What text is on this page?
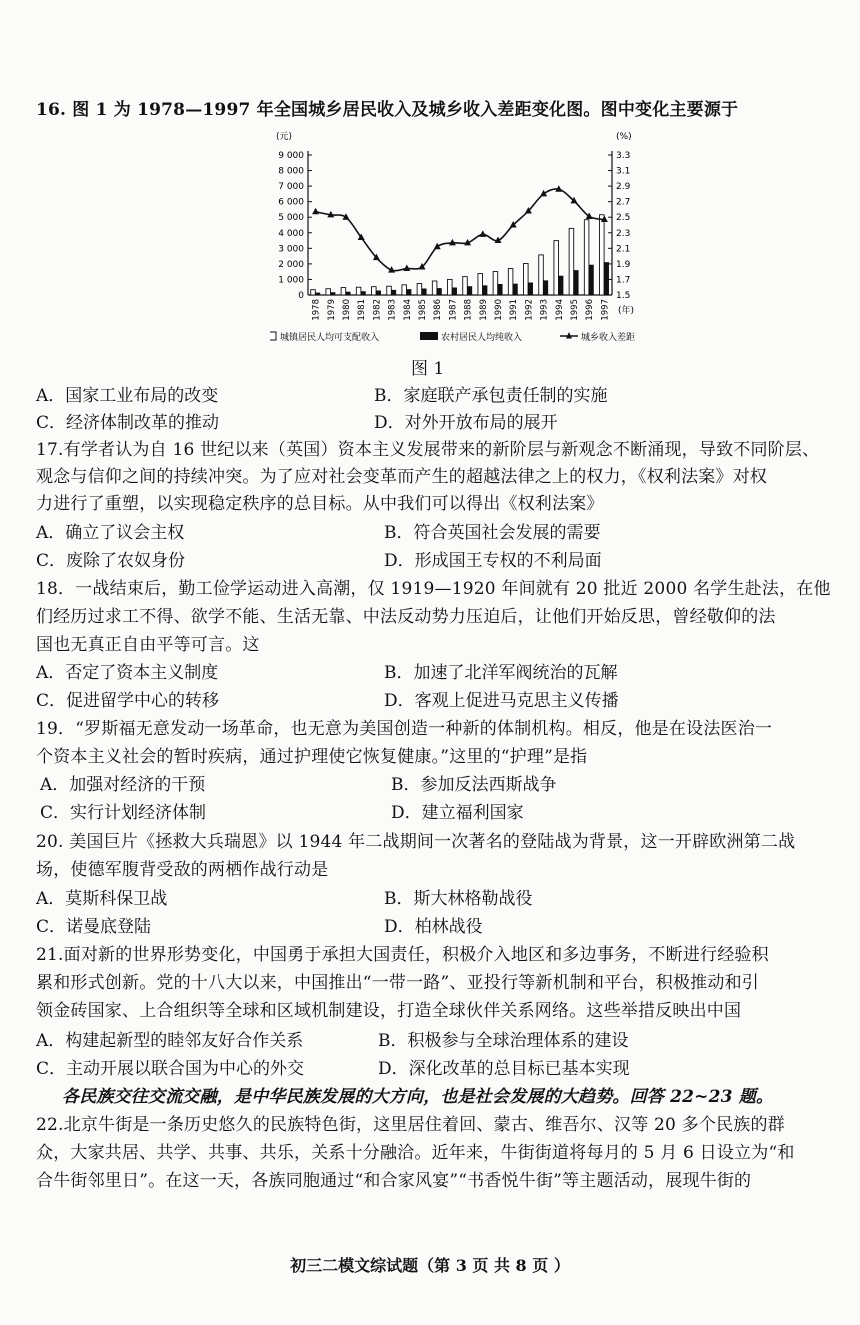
16. 图 1 为 1978—1997 年全国城乡居民收入及城乡收入差距变化图。图中变化主要源于
(元)	(%)
9 000
8 000
7 000
6 000
5 000
4 000
3 000
2 000
1 000
0
3.3
3.1
2.9
2.7
2.5
2.3
2.1
1.9
1.7
1.5
1978 1979 1980 1981 1982 1983 1984 1985 1986 1987 1988 1989 1990 1991 1992 1993 1994 1995 1996 1997 (年)
城镇居民人均可支配收入	农村居民人均纯收入	城乡收入差距
图 1
A．国家工业布局的改变	B．家庭联产承包责任制的实施
C．经济体制改革的推动	D．对外开放布局的展开
17.有学者认为自 16 世纪以来（英国）资本主义发展带来的新阶层与新观念不断涌现，导致不同阶层、
观念与信仰之间的持续冲突。为了应对社会变革而产生的超越法律之上的权力，《权利法案》对权
力进行了重塑，以实现稳定秩序的总目标。从中我们可以得出《权利法案》
A．确立了议会主权	B．符合英国社会发展的需要
C．废除了农奴身份	D．形成国王专权的不利局面
18．一战结束后，勤工俭学运动进入高潮，仅 1919—1920 年间就有 20 批近 2000 名学生赴法，在他
们经历过求工不得、欲学不能、生活无靠、中法反动势力压迫后，让他们开始反思，曾经敬仰的法
国也无真正自由平等可言。这
A．否定了资本主义制度	B．加速了北洋军阀统治的瓦解
C．促进留学中心的转移	D．客观上促进马克思主义传播
19．“罗斯福无意发动一场革命，也无意为美国创造一种新的体制机构。相反，他是在设法医治一
个资本主义社会的暂时疾病，通过护理使它恢复健康。”这里的“护理”是指
A．加强对经济的干预	B．参加反法西斯战争
C．实行计划经济体制	D．建立福利国家
20. 美国巨片《拯救大兵瑞恩》以 1944 年二战期间一次著名的登陆战为背景，这一开辟欧洲第二战
场，使德军腹背受敌的两栖作战行动是
A．莫斯科保卫战	B．斯大林格勒战役
C．诺曼底登陆	D．柏林战役
21.面对新的世界形势变化，中国勇于承担大国责任，积极介入地区和多边事务，不断进行经验积
累和形式创新。党的十八大以来，中国推出“一带一路”、亚投行等新机制和平台，积极推动和引
领金砖国家、上合组织等全球和区域机制建设，打造全球伙伴关系网络。这些举措反映出中国
A．构建起新型的睦邻友好合作关系	B．积极参与全球治理体系的建设
C．主动开展以联合国为中心的外交	D．深化改革的总目标已基本实现
各民族交往交流交融，是中华民族发展的大方向，也是社会发展的大趋势。回答 22~23 题。
22.北京牛街是一条历史悠久的民族特色街，这里居住着回、蒙古、维吾尔、汉等 20 多个民族的群
众，大家共居、共学、共事、共乐，关系十分融洽。近年来，牛街街道将每月的 5 月 6 日设立为“和
合牛街邻里日”。在这一天，各族同胞通过“和合家风宴”“书香悦牛街”等主题活动，展现牛街的
初三二模文综试题（第 3 页 共 8 页 ）
